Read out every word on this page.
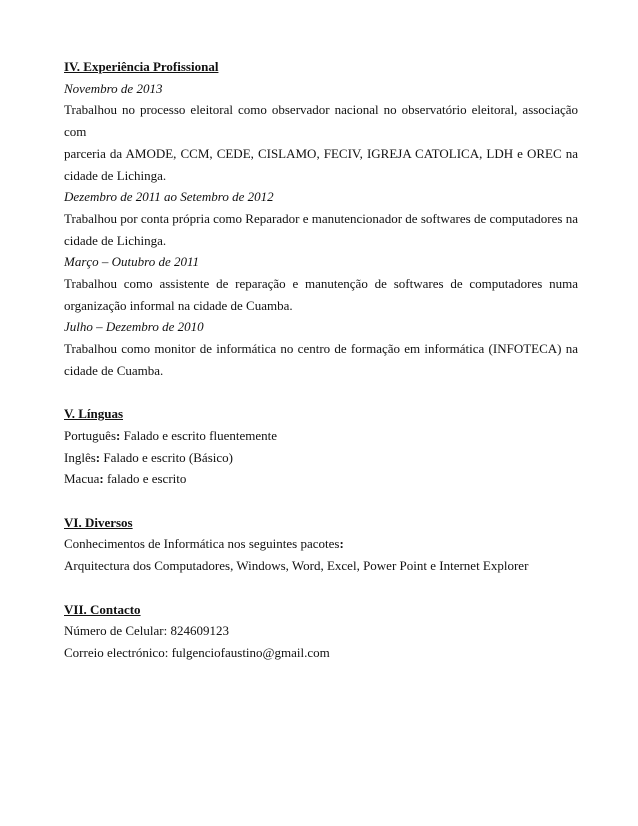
IV. Experiência Profissional
Novembro de 2013
Trabalhou no processo eleitoral como observador nacional no observatório eleitoral, associação com
parceria da AMODE, CCM, CEDE, CISLAMO, FECIV, IGREJA CATOLICA, LDH e OREC na
cidade de Lichinga.
Dezembro de 2011 ao Setembro de 2012
Trabalhou por conta própria como Reparador e manutencionador de softwares de computadores na
cidade de Lichinga.
Março – Outubro de 2011
Trabalhou como assistente de reparação e manutenção de softwares de computadores numa
organização informal na cidade de Cuamba.
Julho – Dezembro de 2010
Trabalhou como monitor de informática no centro de formação em informática (INFOTECA) na
cidade de Cuamba.
V. Línguas
Português: Falado e escrito fluentemente
Inglês: Falado e escrito (Básico)
Macua: falado e escrito
VI. Diversos
Conhecimentos de Informática nos seguintes pacotes:
Arquitectura dos Computadores, Windows, Word, Excel, Power Point e Internet Explorer
VII. Contacto
Número de Celular: 824609123
Correio electrónico: fulgenciofaustino@gmail.com
